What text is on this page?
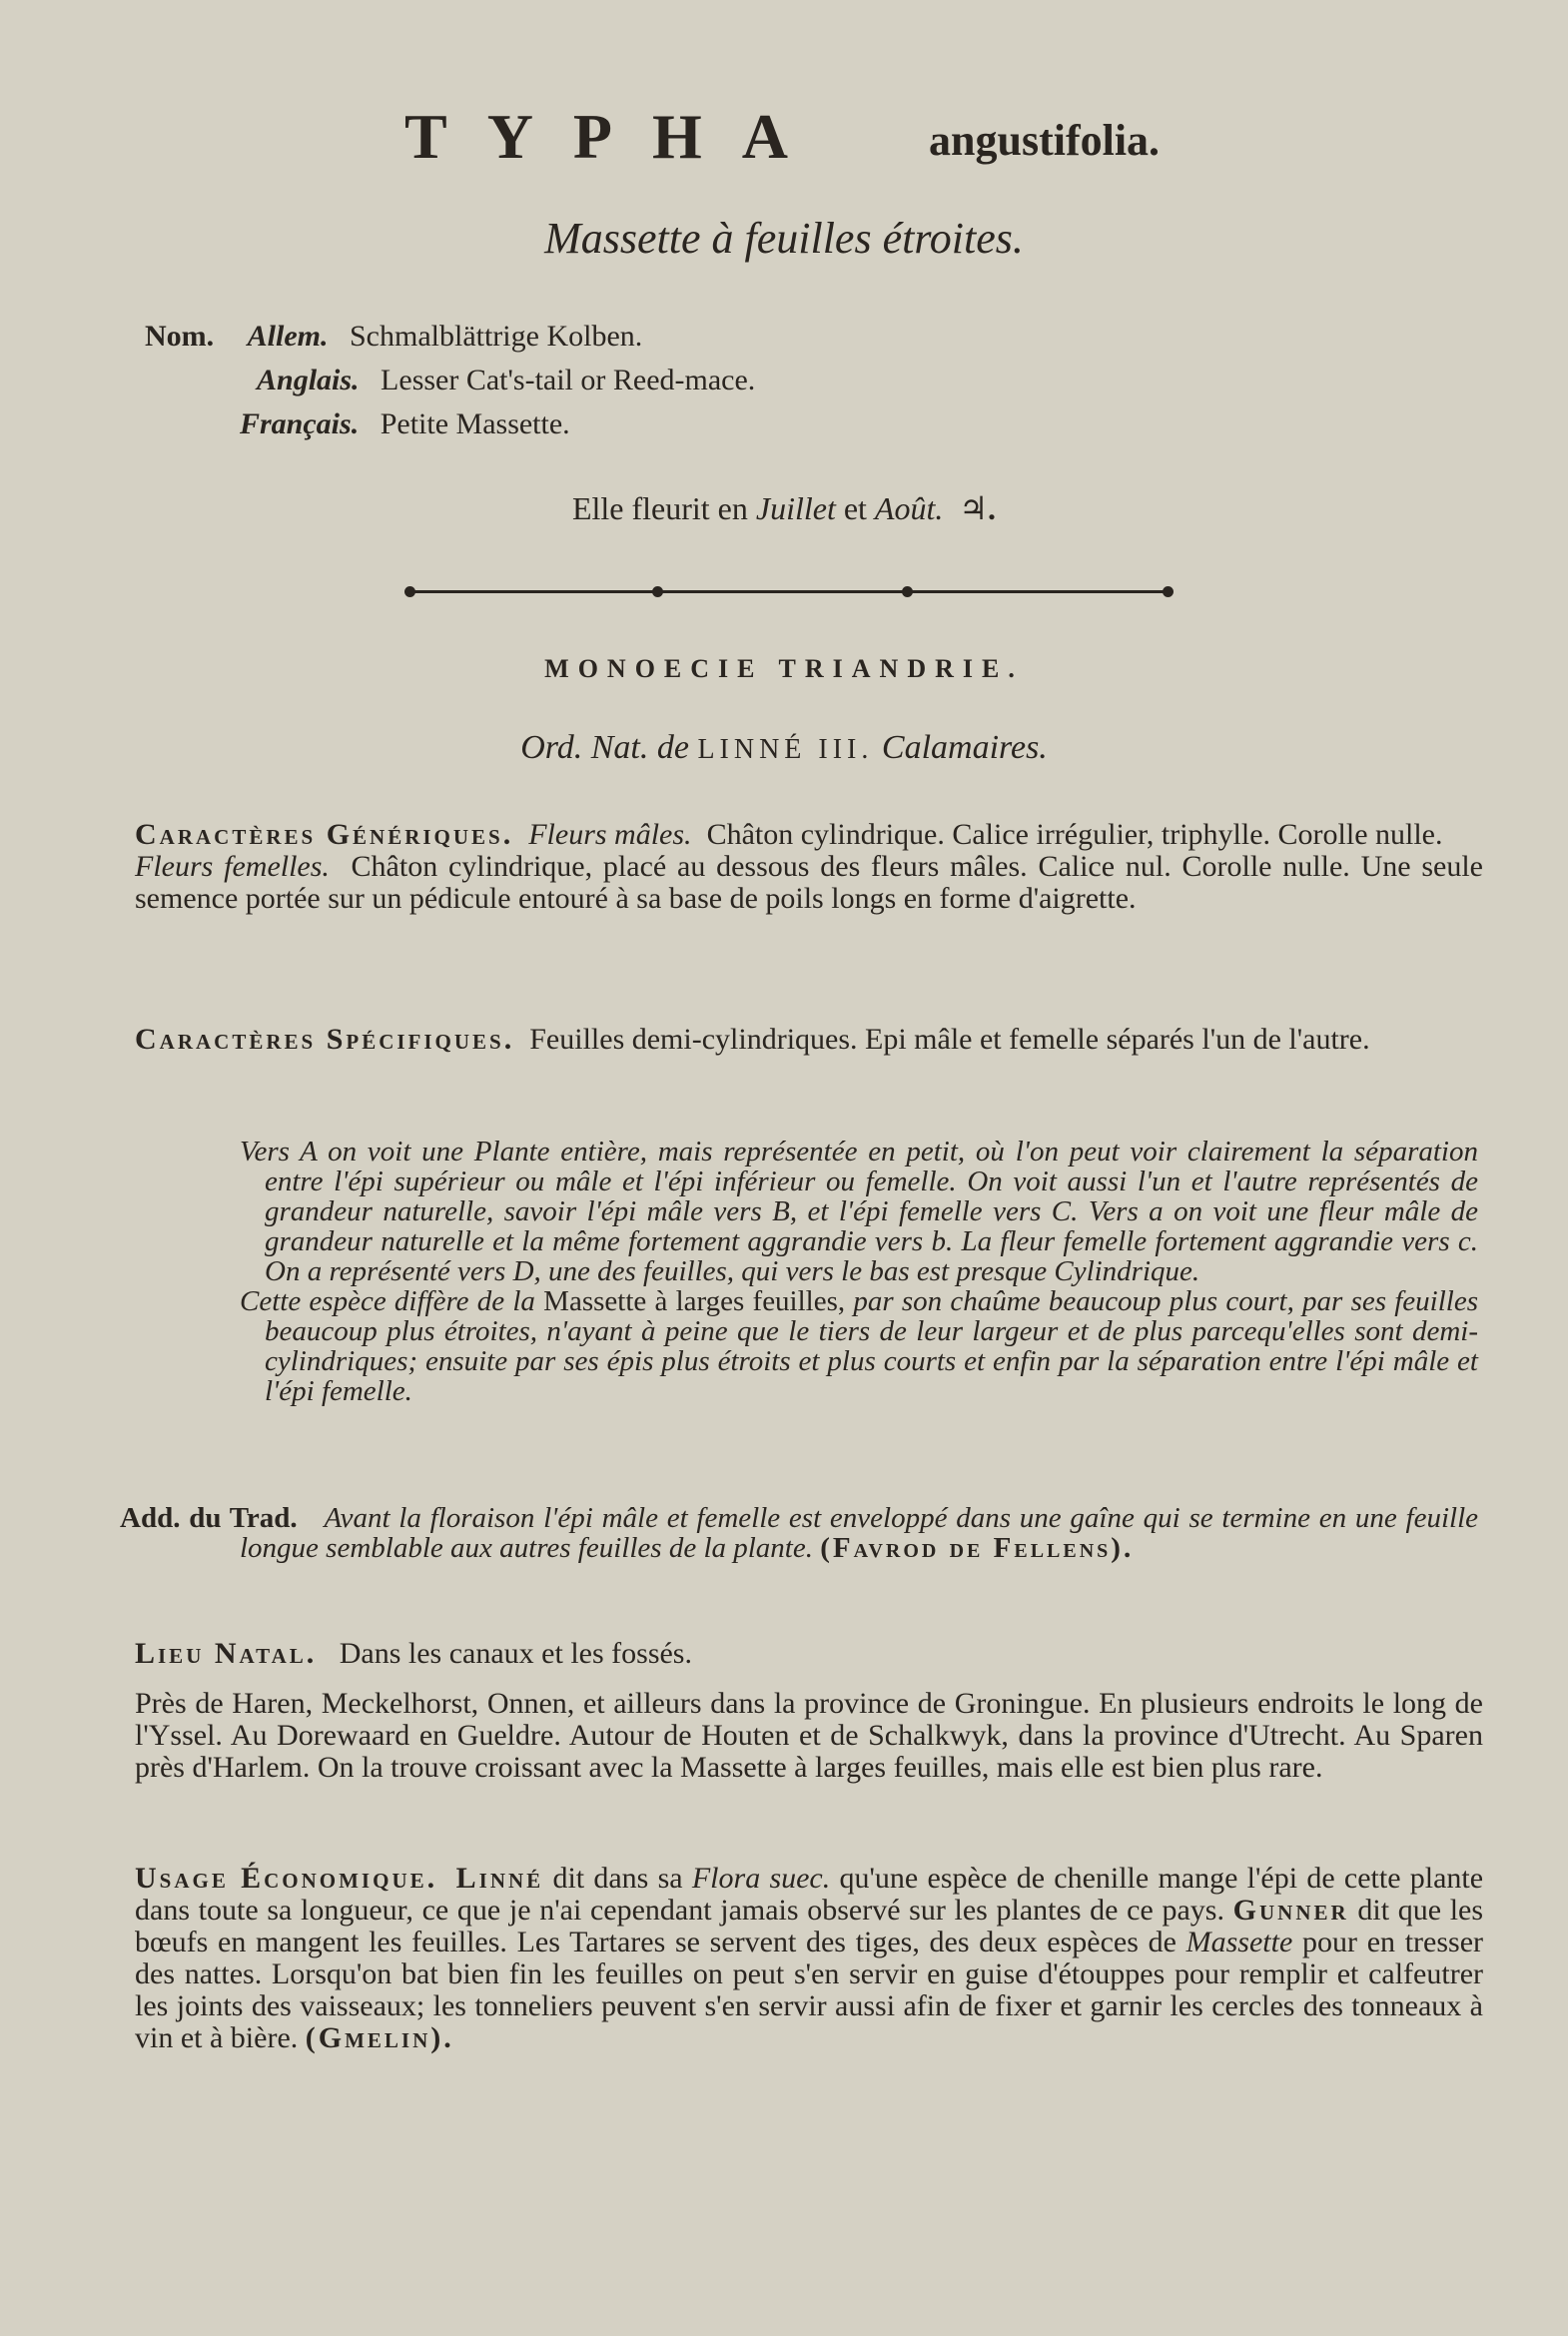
TYPHA angustifolia.
Massette à feuilles étroites.
Nom. Allem. Schmalblättrige Kolben.
Anglais. Lesser Cat's-tail or Reed-mace.
Français. Petite Massette.
Elle fleurit en Juillet et Août. ♃.
MONOECIE TRIANDRIE.
Ord. Nat. de LINNÉ III. Calamaires.
Caractères Génériques. Fleurs mâles. Châton cylindrique. Calice irrégulier, triphylle. Corolle nulle.
Fleurs femelles. Châton cylindrique, placé au dessous des fleurs mâles. Calice nul. Corolle nulle. Une seule semence portée sur un pédicule entouré à sa base de poils longs en forme d'aigrette.
Caractères Spécifiques. Feuilles demi-cylindriques. Epi mâle et femelle séparés l'un de l'autre.
Vers A on voit une Plante entière, mais représentée en petit, où l'on peut voir clairement la séparation entre l'épi supérieur ou mâle et l'épi inférieur ou femelle. On voit aussi l'un et l'autre représentés de grandeur naturelle, savoir l'épi mâle vers B, et l'épi femelle vers C. Vers a on voit une fleur mâle de grandeur naturelle et la même fortement aggrandie vers b. La fleur femelle fortement aggrandie vers c. On a représenté vers D, une des feuilles, qui vers le bas est presque Cylindrique.
Cette espèce diffère de la Massette à larges feuilles, par son chaûme beaucoup plus court, par ses feuilles beaucoup plus étroites, n'ayant à peine que le tiers de leur largeur et de plus parcequ'elles sont demi-cylindriques; ensuite par ses épis plus étroits et plus courts et enfin par la séparation entre l'épi mâle et l'épi femelle.
Add. du Trad. Avant la floraison l'épi mâle et femelle est enveloppé dans une gaîne qui se termine en une feuille longue semblable aux autres feuilles de la plante. (Favrod de Fellens).
Lieu Natal. Dans les canaux et les fossés.
Près de Haren, Meckelhorst, Onnen, et ailleurs dans la province de Groningue. En plusieurs endroits le long de l'Yssel. Au Dorewaard en Gueldre. Autour de Houten et de Schalkwyk, dans la province d'Utrecht. Au Sparen près d'Harlem. On la trouve croissant avec la Massette à larges feuilles, mais elle est bien plus rare.
Usage Économique. Linné dit dans sa Flora suec. qu'une espèce de chenille mange l'épi de cette plante dans toute sa longueur, ce que je n'ai cependant jamais observé sur les plantes de ce pays. Gunner dit que les bœufs en mangent les feuilles. Les Tartares se servent des tiges, des deux espèces de Massette pour en tresser des nattes. Lorsqu'on bat bien fin les feuilles on peut s'en servir en guise d'étouppes pour remplir et calfeutrer les joints des vaisseaux; les tonneliers peuvent s'en servir aussi afin de fixer et garnir les cercles des tonneaux à vin et à bière. (Gmelin).
